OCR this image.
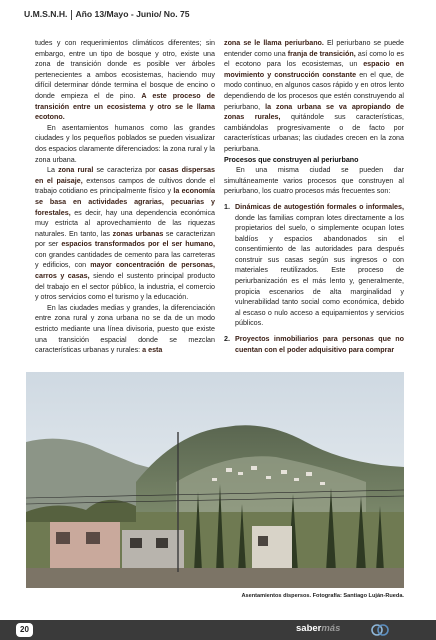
U.M.S.N.H. Año 13/Mayo - Junio/ No. 75

tudes y con requerimientos climáticos diferentes; sin embargo, entre un tipo de bosque y otro, existe una zona de transición donde es posible ver árboles pertenecientes a ambos ecosistemas, haciendo muy difícil determinar dónde termina el bosque de encino o donde empieza el de pino. A este proceso de transición entre un ecosistema y otro se le llama ecotono.

En asentamientos humanos como las grandes ciudades y los pequeños poblados se pueden visualizar dos espacios claramente diferenciados: la zona rural y la zona urbana.

La zona rural se caracteriza por casas dispersas en el paisaje, extensos campos de cultivos donde el trabajo cotidiano es principalmente físico y la economía se basa en actividades agrarias, pecuarias y forestales, es decir, hay una dependencia económica muy estricta al aprovechamiento de las riquezas naturales. En tanto, las zonas urbanas se caracterizan por ser espacios transformados por el ser humano, con grandes cantidades de cemento para las carreteras y edificios, con mayor concentración de personas, carros y casas, siendo el sustento principal producto del trabajo en el sector público, la industria, el comercio y otros servicios como el turismo y la educación.

En las ciudades medias y grandes, la diferenciación entre zona rural y zona urbana no se da de un modo estricto mediante una línea divisoria, puesto que existe una transición espacial donde se mezclan características urbanas y rurales: a esta

zona se le llama periurbano. El periurbano se puede entender como una franja de transición, así como lo es el ecotono para los ecosistemas, un espacio en movimiento y construcción constante en el que, de modo continuo, en algunos casos rápido y en otros lento dependiendo de los procesos que estén construyendo al periurbano, la zona urbana se va apropiando de zonas rurales, quitándole sus características, cambiándolas progresivamente o de facto por características urbanas; las ciudades crecen en la zona periurbana.

Procesos que construyen al periurbano

En una misma ciudad se pueden dar simultáneamente varios procesos que construyen al periurbano, los cuatro procesos más frecuentes son:

1. Dinámicas de autogestión formales o informales, donde las familias compran lotes directamente a los propietarios del suelo, o simplemente ocupan lotes baldíos y espacios abandonados sin el consentimiento de las autoridades para después construir sus casas según sus ingresos o con materiales reutilizados. Este proceso de periurbanización es el más lento y, generalmente, propicia escenarios de alta marginalidad y vulnerabilidad tanto social como económica, debido al escaso o nulo acceso a equipamientos y servicios públicos.
2. Proyectos inmobiliarios para personas que no cuentan con el poder adquisitivo para comprar
Asentamientos dispersos. Fotografía: Santiago Luján-Rueda.
20	sabermás
